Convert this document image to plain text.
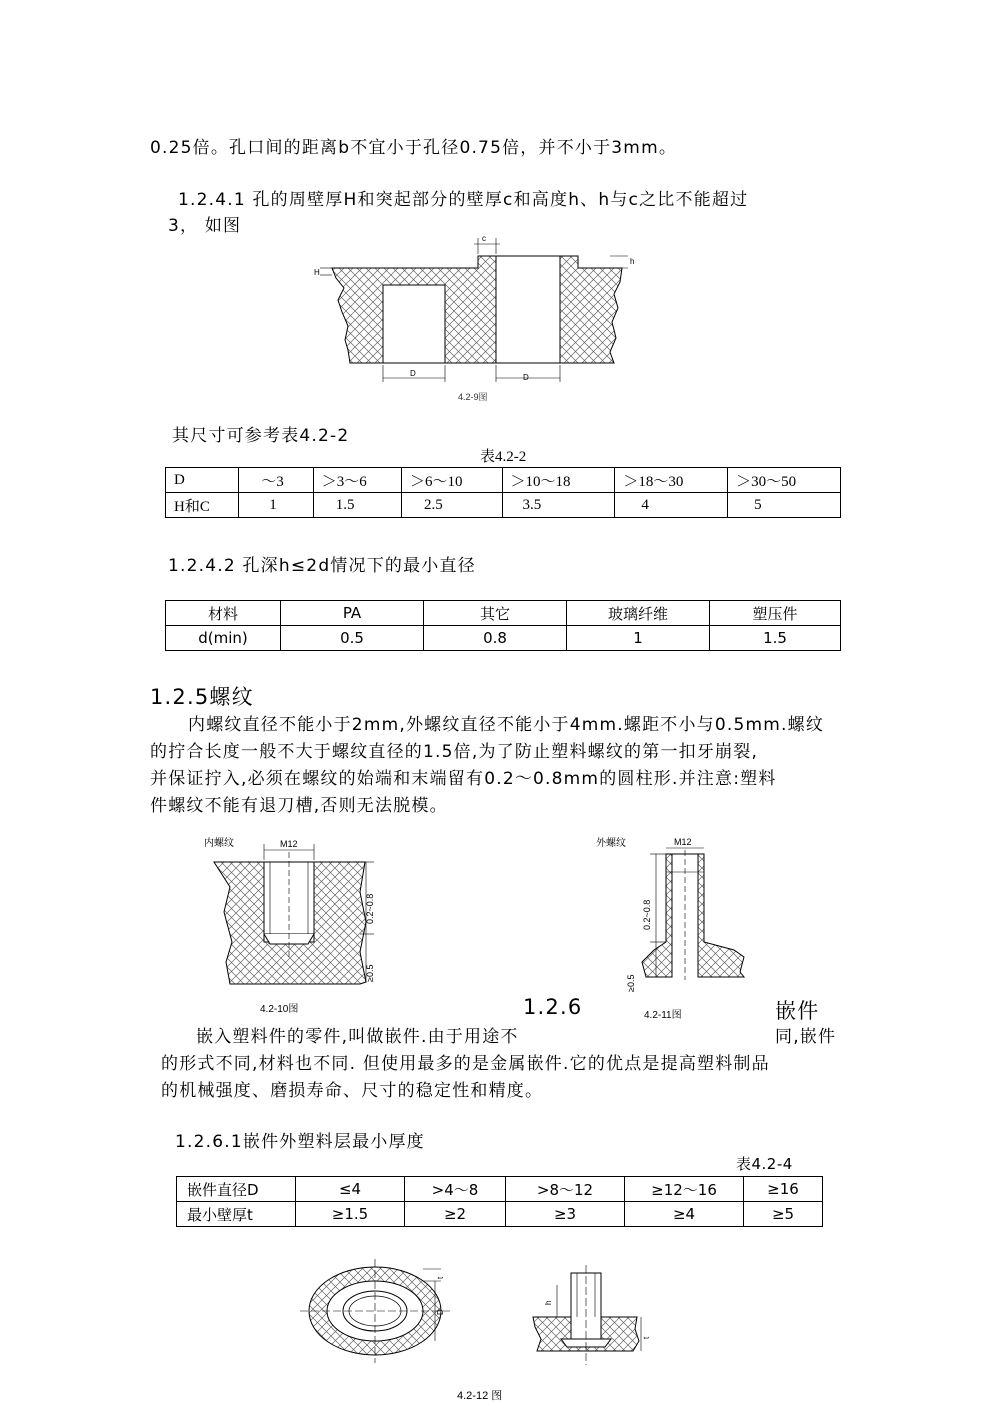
0.25倍。孔口间的距离b不宜小于孔径0.75倍，并不小于3mm。
1.2.4.1 孔的周壁厚H和突起部分的壁厚c和高度h、h与c之比不能超过
3， 如图
c
H
h
D	D
4.2-9图
其尺寸可参考表4.2-2
表4.2-2
D	～3	＞3～6	＞6～10	＞10～18	＞18～30	＞30～50
H和C	1	1.5	2.5	3.5	4	5
1.2.4.2 孔深h≤2d情况下的最小直径
材料	PA	其它	玻璃纤维	塑压件
d(min)	0.5	0.8	1	1.5
1.2.5螺纹
内螺纹直径不能小于2mm,外螺纹直径不能小于4mm.螺距不小与0.5mm.螺纹
的拧合长度一般不大于螺纹直径的1.5倍,为了防止塑料螺纹的第一扣牙崩裂,
并保证拧入,必须在螺纹的始端和末端留有0.2～0.8mm的圆柱形.并注意:塑料
件螺纹不能有退刀槽,否则无法脱模。
内螺纹	M12
0.2~0.8
≥0.5
4.2-10图
外螺纹	M12
0.2~0.8
≥0.5
4.2-11图
1.2.6	嵌件
嵌入塑料件的零件,叫做嵌件.由于用途不	同,嵌件
的形式不同,材料也不同. 但使用最多的是金属嵌件.它的优点是提高塑料制品
的机械强度、磨损寿命、尺寸的稳定性和精度。
1.2.6.1嵌件外塑料层最小厚度
表4.2-4
嵌件直径D	≤4	>4～8	>8～12	≥12～16	≥16
最小壁厚t	≥1.5	≥2	≥3	≥4	≥5
t
D
h
t
4.2-12 图
